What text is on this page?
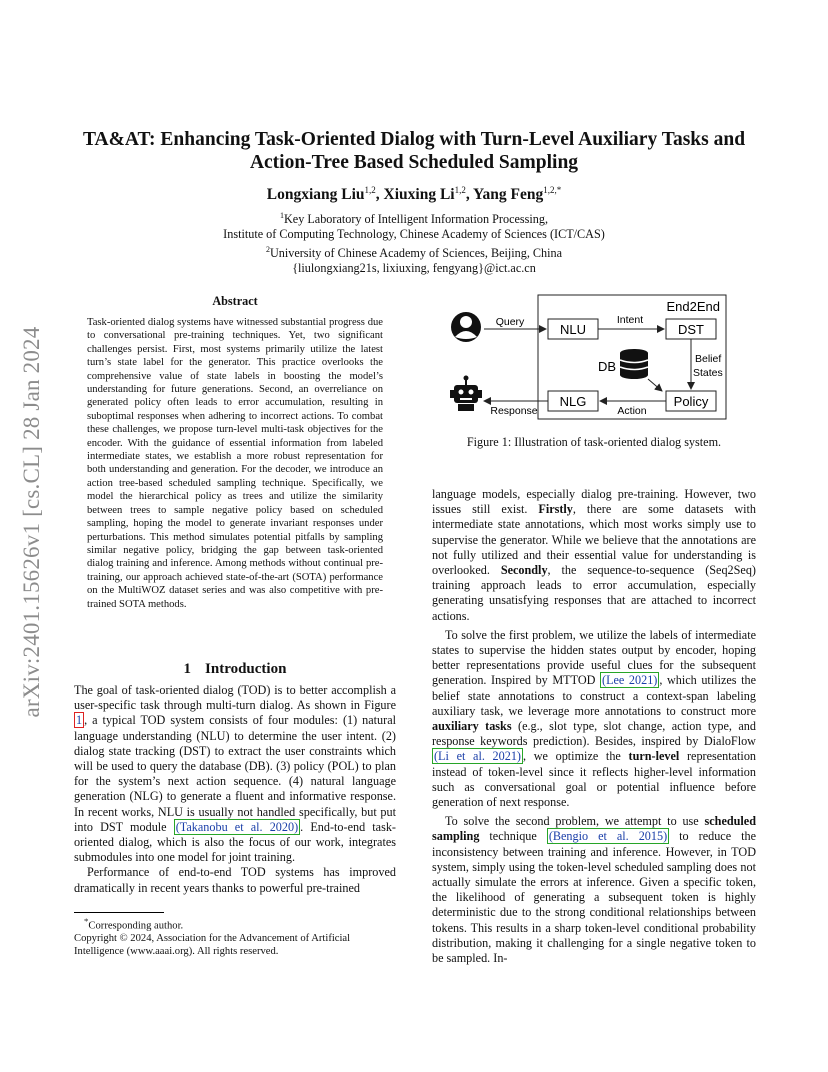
arXiv:2401.15626v1 [cs.CL] 28 Jan 2024
TA&AT: Enhancing Task-Oriented Dialog with Turn-Level Auxiliary Tasks and
Action-Tree Based Scheduled Sampling
Longxiang Liu$^{1,2}$, Xiuxing Li$^{1,2}$, Yang Feng$^{1,2,*}$
$^1$Key Laboratory of Intelligent Information Processing,
Institute of Computing Technology, Chinese Academy of Sciences (ICT/CAS)
$^2$University of Chinese Academy of Sciences, Beijing, China
{liulongxiang21s, lixiuxing, fengyang}@ict.ac.cn
Abstract
Task-oriented dialog systems have witnessed substantial progress due to conversational pre-training techniques. Yet, two significant challenges persist. First, most systems primarily utilize the latest turn’s state label for the generator. This practice overlooks the comprehensive value of state labels in boosting the model’s understanding for future generations. Second, an overreliance on generated policy often leads to error accumulation, resulting in suboptimal responses when adhering to incorrect actions. To combat these challenges, we propose turn-level multi-task objectives for the encoder. With the guidance of essential information from labeled intermediate states, we establish a more robust representation for both understanding and generation. For the decoder, we introduce an action tree-based scheduled sampling technique. Specifically, we model the hierarchical policy as trees and utilize the similarity between trees to sample negative policy based on scheduled sampling, hoping the model to generate invariant responses under perturbations. This method simulates potential pitfalls by sampling similar negative policy, bridging the gap between task-oriented dialog training and inference. Among methods without continual pre-training, our approach achieved state-of-the-art (SOTA) performance on the MultiWOZ dataset series and was also competitive with pre-trained SOTA methods.
1 Introduction

The goal of task-oriented dialog (TOD) is to better accomplish a user-specific task through multi-turn dialog. As shown in Figure 1 , a typical TOD system consists of four modules: (1) natural language understanding (NLU) to determine the user intent. (2) dialog state tracking (DST) to extract the user constraints which will be used to query the database (DB). (3) policy (POL) to plan for the system’s next action sequence. (4) natural language generation (NLG) to generate a fluent and informative response. In recent works, NLU is usually not handled specifically, but put into DST module (Takanobu et al. 2020) . End-to-end task-oriented dialog, which is also the focus of our work, integrates submodules into one model for joint training.

Performance of end-to-end TOD systems has improved dramatically in recent years thanks to powerful pre-trained

*Corresponding author.
Copyright © 2024, Association for the Advancement of Artificial Intelligence (www.aaai.org). All rights reserved.
End2End
NLU	DST
NLG	Policy
DB
Query	Intent
Belief
States
Action
Response
Figure 1: Illustration of task-oriented dialog system.

language models, especially dialog pre-training. However, two issues still exist. Firstly, there are some datasets with intermediate state annotations, which most works simply use to supervise the generator. While we believe that the annotations are not fully utilized and their essential value for understanding is overlooked. Secondly, the sequence-to-sequence (Seq2Seq) training approach leads to error accumulation, especially generating unsatisfying responses that are attached to incorrect actions.

To solve the first problem, we utilize the labels of intermediate states to supervise the hidden states output by encoder, hoping better representations provide useful clues for the subsequent generation. Inspired by MTTOD (Lee 2021) , which utilizes the belief state annotations to construct a context-span labeling auxiliary task, we leverage more annotations to construct more auxiliary tasks (e.g., slot type, slot change, action type, and response keywords prediction). Besides, inspired by DialoFlow (Li et al. 2021) , we optimize the turn-level representation instead of token-level since it reflects higher-level information such as conversational goal or potential influence before generation of next response.

To solve the second problem, we attempt to use scheduled sampling technique (Bengio et al. 2015) to reduce the inconsistency between training and inference. However, in TOD system, simply using the token-level scheduled sampling does not actually simulate the errors at inference. Given a specific token, the likelihood of generating a subsequent token is highly deterministic due to the strong conditional relationships between tokens. This results in a sharp token-level conditional probability distribution, making it challenging for a single negative token to be sampled. In-
